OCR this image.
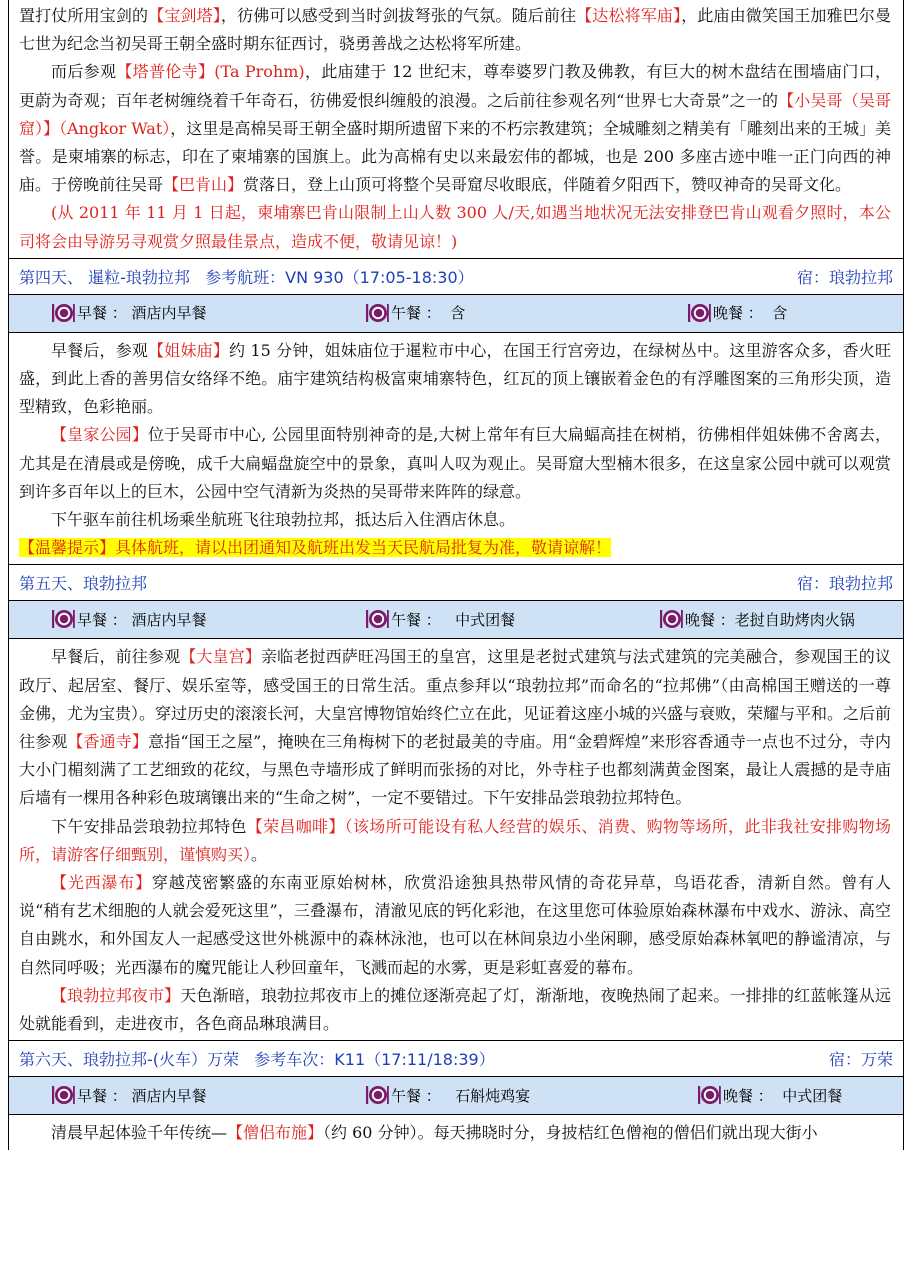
置打仗所用宝剑的【宝剑塔】，彷佛可以感受到当时剑拔弩张的气氛。随后前往【达松将军庙】，此庙由微笑国王加雅巴尔曼七世为纪念当初吴哥王朝全盛时期东征西讨，骁勇善战之达松将军所建。

而后参观【塔普伦寺】(Ta Prohm)，此庙建于 12 世纪末，尊奉婆罗门教及佛教，有巨大的树木盘结在围墙庙门口，更蔚为奇观；百年老树缠绕着千年奇石，彷佛爱恨纠缠般的浪漫。之后前往参观名列“世界七大奇景”之一的【小吴哥（吴哥窟）】（Angkor Wat），这里是高棉吴哥王朝全盛时期所遗留下来的不朽宗教建筑；全城雕刻之精美有「雕刻出来的王城」美誉。是柬埔寨的标志，印在了柬埔寨的国旗上。此为高棉有史以来最宏伟的都城，也是 200 多座古迹中唯一正门向西的神庙。于傍晚前往吴哥【巴肯山】赏落日，登上山顶可将整个吴哥窟尽收眼底，伴随着夕阳西下，赞叹神奇的吴哥文化。

(从 2011 年 11 月 1 日起，柬埔寨巴肯山限制上山人数 300 人/天,如遇当地状况无法安排登巴肯山观看夕照时，本公司将会由导游另寻观赏夕照最佳景点，造成不便，敬请见谅！)

第四天、 暹粒-琅勃拉邦   参考航班：VN 930（17:05-18:30）	宿：琅勃拉邦
早餐 ： 酒店内早餐	午餐 ：  含	晚餐 ：  含

早餐后，参观【姐妹庙】约 15 分钟，姐妹庙位于暹粒市中心，在国王行宫旁边，在绿树丛中。这里游客众多，香火旺盛，到此上香的善男信女络绎不绝。庙宇建筑结构极富柬埔寨特色，红瓦的顶上镶嵌着金色的有浮雕图案的三角形尖顶，造型精致，色彩艳丽。

【皇家公园】位于吴哥市中心, 公园里面特别神奇的是,大树上常年有巨大扁蝠高挂在树梢，彷佛相伴姐妹佛不舍离去，尤其是在清晨或是傍晚，成千大扁蝠盘旋空中的景象，真叫人叹为观止。吴哥窟大型楠木很多，在这皇家公园中就可以观赏到许多百年以上的巨木，公园中空气清新为炎热的吴哥带来阵阵的绿意。

下午驱车前往机场乘坐航班飞往琅勃拉邦，抵达后入住酒店休息。

【温馨提示】具体航班，请以出团通知及航班出发当天民航局批复为准，敬请谅解！

第五天、琅勃拉邦	宿：琅勃拉邦
早餐 ： 酒店内早餐	午餐 ：   中式团餐	晚餐 ：老挝自助烤肉火锅

早餐后，前往参观【大皇宫】亲临老挝西萨旺冯国王的皇宫，这里是老挝式建筑与法式建筑的完美融合，参观国王的议政厅、起居室、餐厅、娱乐室等，感受国王的日常生活。重点参拜以“琅勃拉邦”而命名的“拉邦佛”（由高棉国王赠送的一尊金佛，尤为宝贵）。穿过历史的滚滚长河，大皇宫博物馆始终伫立在此，见证着这座小城的兴盛与衰败，荣耀与平和。之后前往参观【香通寺】意指“国王之屋”，掩映在三角梅树下的老挝最美的寺庙。用“金碧辉煌”来形容香通寺一点也不过分，寺内大小门楣刻满了工艺细致的花纹，与黑色寺墙形成了鲜明而张扬的对比，外寺柱子也都刻满黄金图案，最让人震撼的是寺庙后墙有一棵用各种彩色玻璃镶出来的“生命之树”，一定不要错过。下午安排品尝琅勃拉邦特色。

下午安排品尝琅勃拉邦特色【荣昌咖啡】（该场所可能设有私人经营的娱乐、消费、购物等场所，此非我社安排购物场所，请游客仔细甄别，谨慎购买）。

【光西瀑布】穿越茂密繁盛的东南亚原始树林，欣赏沿途独具热带风情的奇花异草，鸟语花香，清新自然。曾有人说“稍有艺术细胞的人就会爱死这里”，三叠瀑布，清澈见底的钙化彩池，在这里您可体验原始森林瀑布中戏水、游泳、高空自由跳水，和外国友人一起感受这世外桃源中的森林泳池，也可以在林间泉边小坐闲聊，感受原始森林氧吧的静谧清凉，与自然同呼吸；光西瀑布的魔咒能让人秒回童年，飞溅而起的水雾，更是彩虹喜爱的幕布。

【琅勃拉邦夜市】天色渐暗，琅勃拉邦夜市上的摊位逐渐亮起了灯，渐渐地，夜晚热闹了起来。一排排的红蓝帐篷从远处就能看到，走进夜市，各色商品琳琅满目。

第六天、琅勃拉邦-(火车）万荣   参考车次：K11（17:11/18:39）	宿：万荣
早餐 ： 酒店内早餐	午餐 ：   石斛炖鸡宴	晚餐 ：  中式团餐

清晨早起体验千年传统—【僧侣布施】（约 60 分钟）。每天拂晓时分，身披桔红色僧袍的僧侣们就出现大街小
